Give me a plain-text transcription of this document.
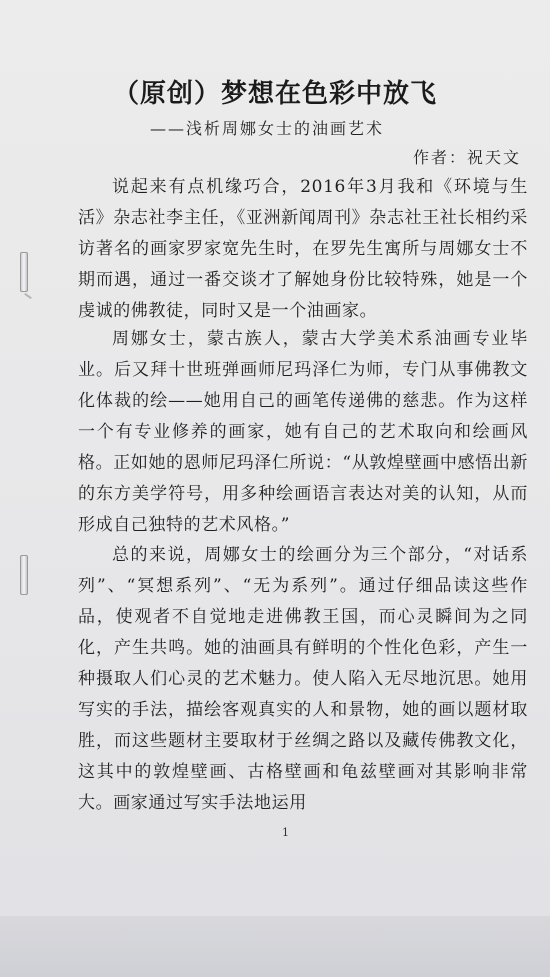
（原创）梦想在色彩中放飞
——浅析周娜女士的油画艺术
作者：祝天文

说起来有点机缘巧合，2016年3月我和《环境与生活》杂志社李主任，《亚洲新闻周刊》杂志社王社长相约采访著名的画家罗家宽先生时，在罗先生寓所与周娜女士不期而遇，通过一番交谈才了解她身份比较特殊，她是一个虔诚的佛教徒，同时又是一个油画家。

周娜女士，蒙古族人，蒙古大学美术系油画专业毕业。后又拜十世班弹画师尼玛泽仁为师，专门从事佛教文化体裁的绘——她用自己的画笔传递佛的慈悲。作为这样一个有专业修养的画家，她有自己的艺术取向和绘画风格。正如她的恩师尼玛泽仁所说：“从敦煌壁画中感悟出新的东方美学符号，用多种绘画语言表达对美的认知，从而形成自己独特的艺术风格。”

总的来说，周娜女士的绘画分为三个部分，“对话系列”、“冥想系列”、“无为系列”。通过仔细品读这些作品，使观者不自觉地走进佛教王国，而心灵瞬间为之同化，产生共鸣。她的油画具有鲜明的个性化色彩，产生一种摄取人们心灵的艺术魅力。使人陷入无尽地沉思。她用写实的手法，描绘客观真实的人和景物，她的画以题材取胜，而这些题材主要取材于丝绸之路以及藏传佛教文化，这其中的敦煌壁画、古格壁画和龟兹壁画对其影响非常大。画家通过写实手法地运用

1
